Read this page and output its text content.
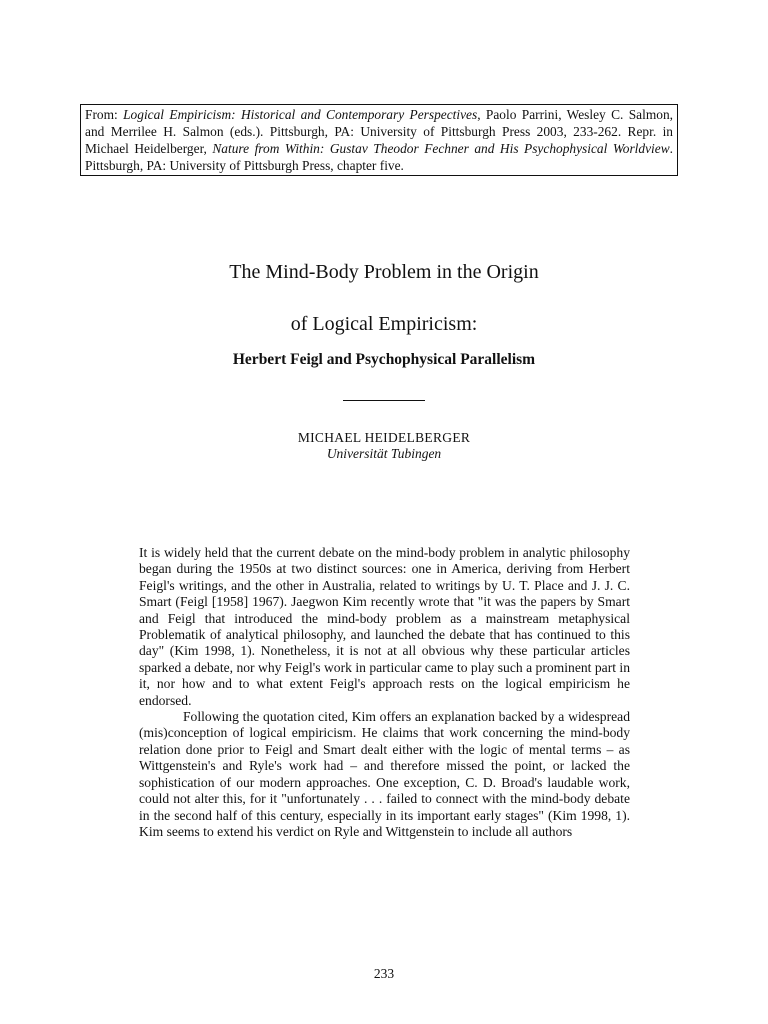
From: Logical Empiricism: Historical and Contemporary Perspectives, Paolo Parrini, Wesley C. Salmon, and Merrilee H. Salmon (eds.). Pittsburgh, PA: University of Pittsburgh Press 2003, 233-262. Repr. in Michael Heidelberger, Nature from Within: Gustav Theodor Fechner and His Psychophysical Worldview. Pittsburgh, PA: University of Pittsburgh Press, chapter five.
The Mind-Body Problem in the Origin
of Logical Empiricism:
Herbert Feigl and Psychophysical Parallelism
MICHAEL HEIDELBERGER
Universität Tubingen

It is widely held that the current debate on the mind-body problem in analytic philosophy began during the 1950s at two distinct sources: one in America, deriving from Herbert Feigl's writings, and the other in Australia, related to writings by U. T. Place and J. J. C. Smart (Feigl [1958] 1967). Jaegwon Kim recently wrote that "it was the papers by Smart and Feigl that introduced the mind-body problem as a mainstream metaphysical Problematik of analytical philosophy, and launched the debate that has continued to this day" (Kim 1998, 1). Nonetheless, it is not at all obvious why these particular articles sparked a debate, nor why Feigl's work in particular came to play such a prominent part in it, nor how and to what extent Feigl's approach rests on the logical empiricism he endorsed.

Following the quotation cited, Kim offers an explanation backed by a widespread (mis)conception of logical empiricism. He claims that work concerning the mind-body relation done prior to Feigl and Smart dealt either with the logic of mental terms – as Wittgenstein's and Ryle's work had – and therefore missed the point, or lacked the sophistication of our modern approaches. One exception, C. D. Broad's laudable work, could not alter this, for it "unfortunately . . . failed to connect with the mind-body debate in the second half of this century, especially in its important early stages" (Kim 1998, 1). Kim seems to extend his verdict on Ryle and Wittgenstein to include all authors

233
